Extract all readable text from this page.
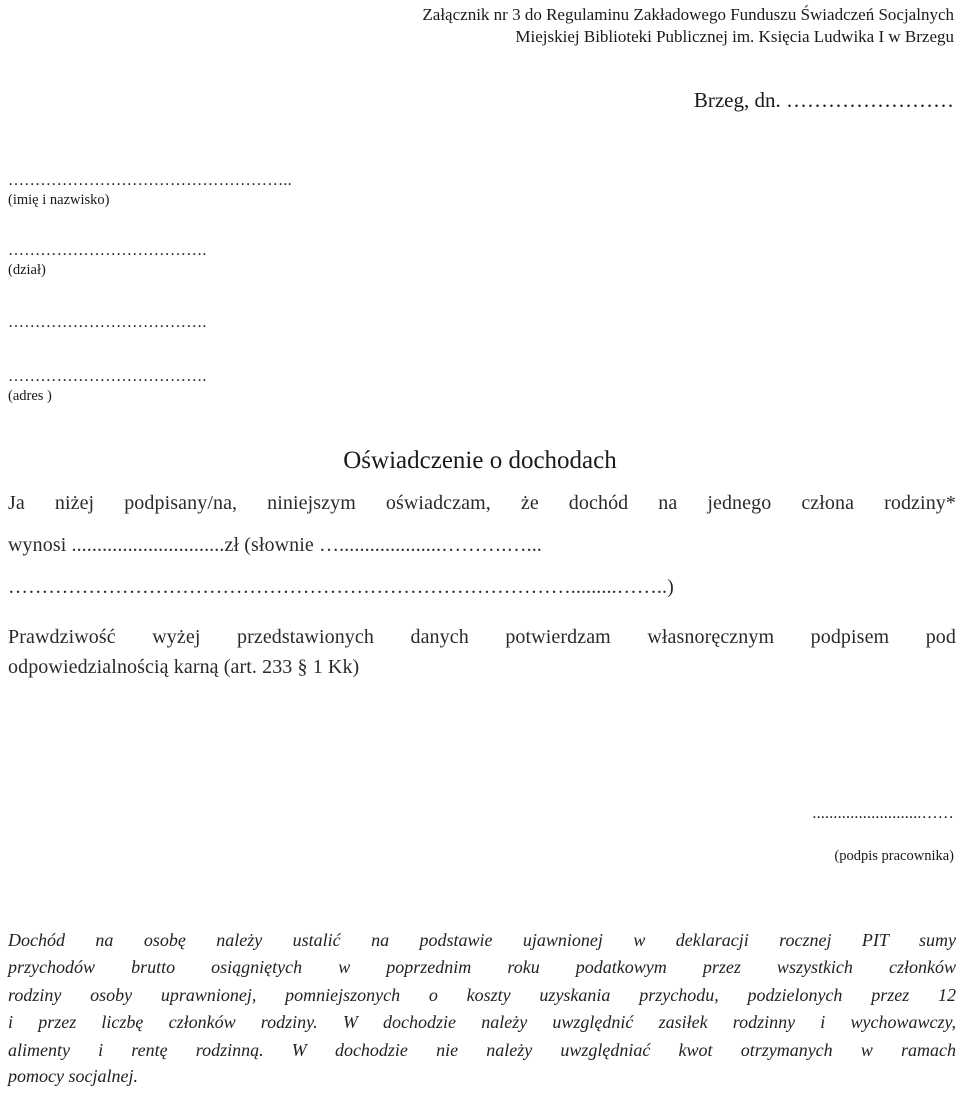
Załącznik nr 3 do Regulaminu Zakładowego Funduszu Świadczeń Socjalnych
Miejskiej Biblioteki Publicznej im. Księcia Ludwika I w Brzegu
Brzeg, dn. ……………………
……………………………………………..
(imię i nazwisko)
……………………………….
(dział)
……………………………….
……………………………….
(adres )
Oświadczenie o dochodach
Ja niżej podpisany/na, niniejszym oświadczam, że dochód na jednego człona rodziny*
wynosi ..............................zł (słownie …....................……….…...
………………………………………………………………………….........……..)
Prawdziwość wyżej przedstawionych danych potwierdzam własnoręcznym podpisem pod
odpowiedzialnością karną (art. 233 § 1 Kk)
..........................……
(podpis pracownika)
Dochód na osobę należy ustalić na podstawie ujawnionej w deklaracji rocznej PIT sumy
przychodów brutto osiągniętych w poprzednim roku podatkowym przez wszystkich członków
rodziny osoby uprawnionej, pomniejszonych o koszty uzyskania przychodu, podzielonych przez 12
i przez liczbę członków rodziny. W dochodzie należy uwzględnić zasiłek rodzinny i wychowawczy,
alimenty i rentę rodzinną. W dochodzie nie należy uwzględniać kwot otrzymanych w ramach
pomocy socjalnej.
